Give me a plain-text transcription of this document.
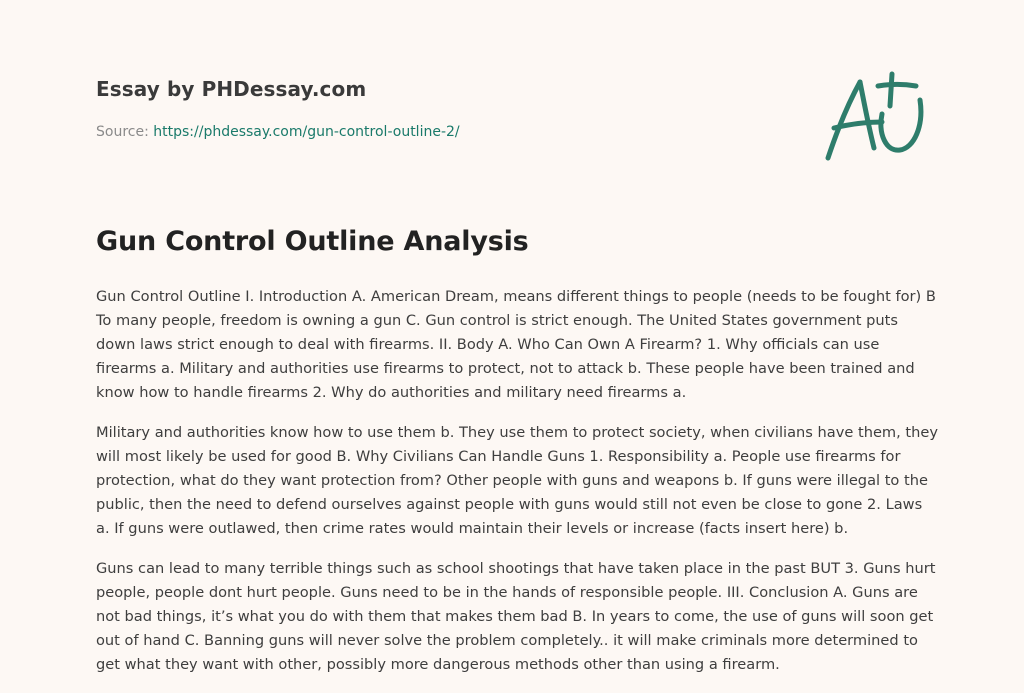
Essay by PHDessay.com
Source: https://phdessay.com/gun-control-outline-2/
Gun Control Outline Analysis

Gun Control Outline I. Introduction A. American Dream, means different things to people (needs to be fought for) B To many people, freedom is owning a gun C. Gun control is strict enough. The United States government puts down laws strict enough to deal with firearms. II. Body A. Who Can Own A Firearm? 1. Why officials can use firearms a. Military and authorities use firearms to protect, not to attack b. These people have been trained and know how to handle firearms 2. Why do authorities and military need firearms a.

Military and authorities know how to use them b. They use them to protect society, when civilians have them, they will most likely be used for good B. Why Civilians Can Handle Guns 1. Responsibility a. People use firearms for protection, what do they want protection from? Other people with guns and weapons b. If guns were illegal to the public, then the need to defend ourselves against people with guns would still not even be close to gone 2. Laws a. If guns were outlawed, then crime rates would maintain their levels or increase (facts insert here) b.

Guns can lead to many terrible things such as school shootings that have taken place in the past BUT 3. Guns hurt people, people dont hurt people. Guns need to be in the hands of responsible people. III. Conclusion A. Guns are not bad things, it’s what you do with them that makes them bad B. In years to come, the use of guns will soon get out of hand C. Banning guns will never solve the problem completely.. it will make criminals more determined to get what they want with other, possibly more dangerous methods other than using a firearm.
